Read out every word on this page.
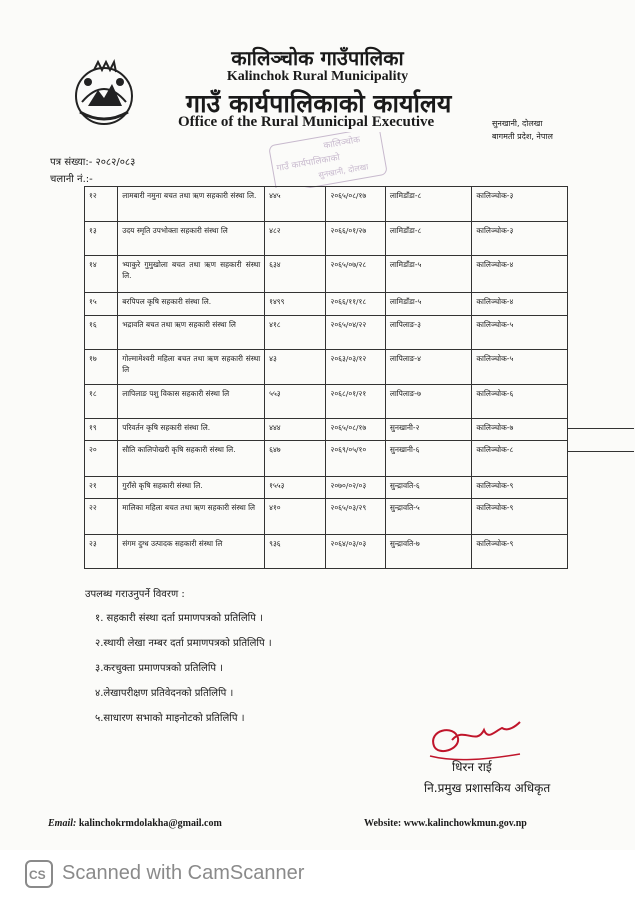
कालिञ्चोक गाउँपालिका
Kalinchok Rural Municipality
गाउँ कार्यपालिकाको कार्यालय
Office of the Rural Municipal Executive	सुनखानी, दोलखा
बागमती प्रदेश, नेपाल
कालिञ्चोक
गाउँ कार्यपालिकाको
सुनखानी, दोलखा
पत्र संख्या:- २०८२/०८३
चलानी नं.:-
१२	लामबारी नमुना बचत तथा ऋण सहकारी संस्था लि.	४४५	२०६५/०८/१७	लामिडाँडा-८	कालिञ्चोक-३
१३	उदय स्मृति उपभोक्ता सहकारी संस्था लि	४८२	२०६६/०१/२७	लामिडाँडा-८	कालिञ्चोक-३
१४	भ्याकुरे गुमुखोला बचत तथा ऋण सहकारी संस्था लि.	६३४	२०६५/०७/२८	लामिडाँडा-५	कालिञ्चोक-४
१५	बरपिपल कृषि सहकारी संस्था लि.	१४९९	२०६६/११/१८	लामिडाँडा-५	कालिञ्चोक-४
१६	भद्रावति बचत तथा ऋण सहकारी संस्था लि	४१८	२०६५/०४/२२	लापिलाङ-३	कालिञ्चोक-५
१७	गोल्मामेश्वरी महिला बचत तथा ऋण सहकारी संस्था लि	४३	२०६३/०३/१२	लापिलाङ-४	कालिञ्चोक-५
१८	लापिलाङ पशु विकास सहकारी संस्था लि	५५३	२०६८/०१/२१	लापिलाङ-७	कालिञ्चोक-६
१९	परिवर्तन कृषि सहकारी संस्था लि.	४४४	२०६५/०८/१७	सुनखानी-२	कालिञ्चोक-७
२०	सौति कालिपोखरी कृषि सहकारी संस्था लि.	६४७	२०६९/०५/१०	सुनखानी-६	कालिञ्चोक-८
२१	गुराँसे कृषि सहकारी संस्था लि.	१५५३	२०७०/०२/०३	सुन्द्रावति-६	कालिञ्चोक-९
२२	मालिका महिला बचत तथा ऋण सहकारी संस्था लि	४१०	२०६५/०३/२९	सुन्द्रावति-५	कालिञ्चोक-९
२३	संगम दुग्ध उत्पादक सहकारी संस्था लि	९३६	२०६४/०३/०३	सुन्द्रावति-७	कालिञ्चोक-९
उपलब्ध गराउनुपर्ने विवरण :
१. सहकारी संस्था दर्ता प्रमाणपत्रको प्रतिलिपि ।
२.स्थायी लेखा नम्बर दर्ता प्रमाणपत्रको प्रतिलिपि ।
३.करचुक्ता प्रमाणपत्रको प्रतिलिपि ।
४.लेखापरीक्षण प्रतिवेदनको प्रतिलिपि ।
५.साधारण सभाको माइनोटको प्रतिलिपि ।
धिरन राई
नि.प्रमुख प्रशासकिय अधिकृत
Email: kalinchokrmdolakha@gmail.com	Website: www.kalinchowkmun.gov.np
CS Scanned with CamScanner
